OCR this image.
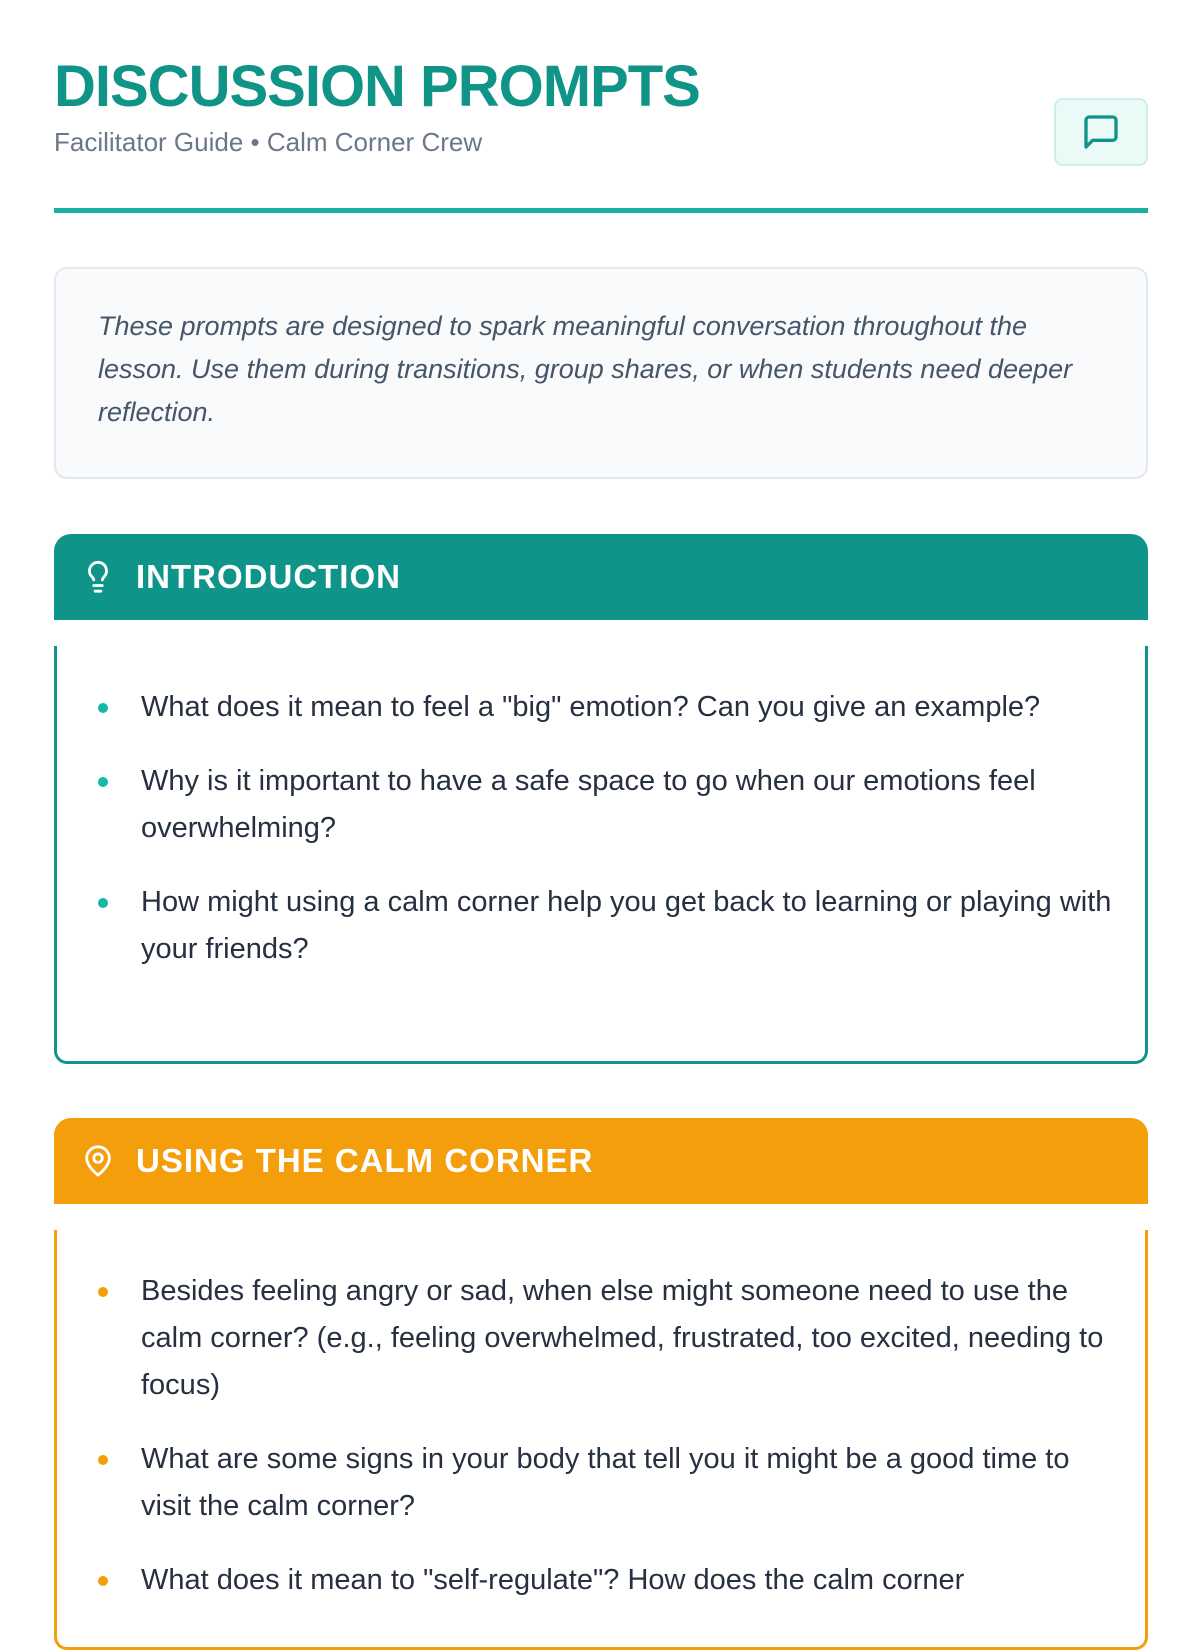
DISCUSSION PROMPTS
Facilitator Guide • Calm Corner Crew
These prompts are designed to spark meaningful conversation throughout the lesson. Use them during transitions, group shares, or when students need deeper reflection.
INTRODUCTION
What does it mean to feel a "big" emotion? Can you give an example?
Why is it important to have a safe space to go when our emotions feel overwhelming?
How might using a calm corner help you get back to learning or playing with your friends?
USING THE CALM CORNER
Besides feeling angry or sad, when else might someone need to use the calm corner? (e.g., feeling overwhelmed, frustrated, too excited, needing to focus)
What are some signs in your body that tell you it might be a good time to visit the calm corner?
What does it mean to "self-regulate"? How does the calm corner
